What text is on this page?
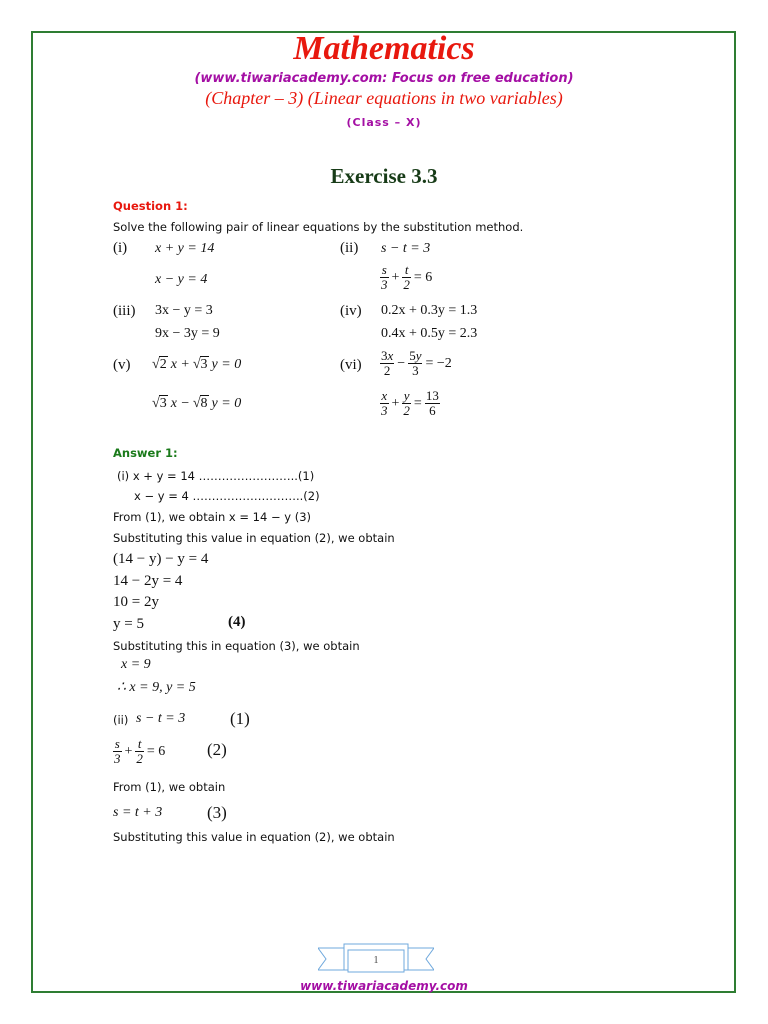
Mathematics
(www.tiwariacademy.com: Focus on free education)
(Chapter – 3) (Linear equations in two variables)
(Class – X)
Exercise 3.3
Question 1:
Solve the following pair of linear equations by the substitution method.
(i) x + y = 14
x − y = 4
(ii) s − t = 3
$\frac{s}{3} + \frac{t}{2} = 6$
(iii) 3x − y = 3
9x − 3y = 9
(iv) 0.2x + 0.3y = 1.3
0.4x + 0.5y = 2.3
(v) √2 x + √3 y = 0
√3 x − √8 y = 0
$(vi) \frac{3x}{2} - \frac{5y}{3} = -2$
$\frac{x}{3} + \frac{y}{2} = \frac{13}{6}$
Answer 1:
(i) x + y = 14 ……………………..(1)
x − y = 4 ………………………..(2)
From (1), we obtain x = 14 − y (3)
Substituting this value in equation (2), we obtain
(14 − y) − y = 4
14 − 2y = 4
10 = 2y
y = 5	(4)
Substituting this in equation (3), we obtain
x = 9
∴ x = 9, y = 5
(ii) s − t = 3	(1)
$\frac{s}{3} + \frac{t}{2} = 6$ (2)
From (1), we obtain
s = t + 3	(3)
Substituting this value in equation (2), we obtain
1
www.tiwariacademy.com
